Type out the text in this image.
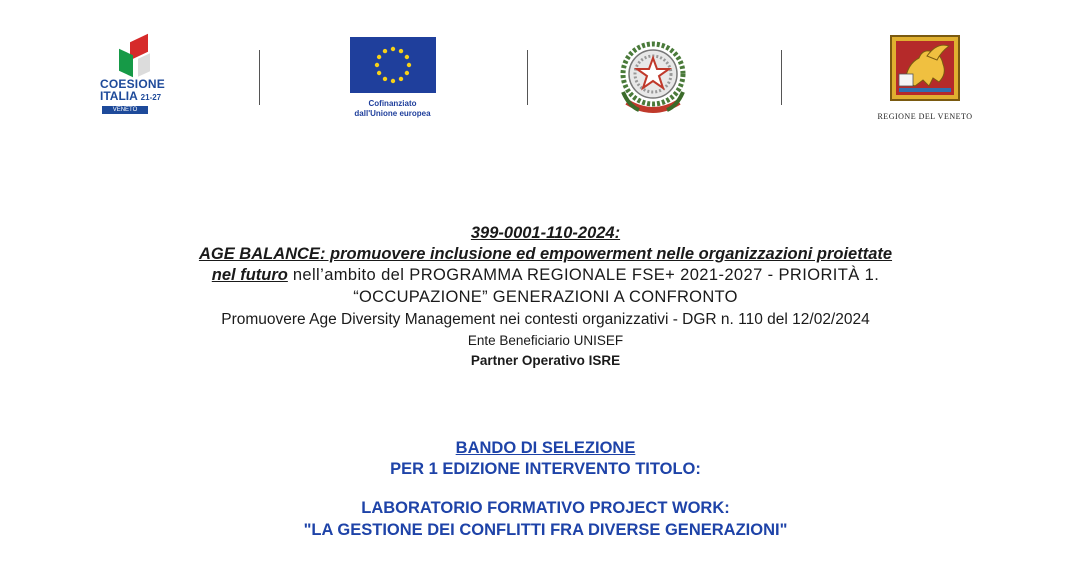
COESIONE
ITALIA 21-27
VENETO
Cofinanziato
dall'Unione europea	REGIONE DEL VENETO
399-0001-110-2024:
AGE BALANCE: promuovere inclusione ed empowerment nelle organizzazioni proiettate
nel futuro nell’ambito del PROGRAMMA REGIONALE FSE+ 2021-2027 - PRIORITÀ 1.
“OCCUPAZIONE” GENERAZIONI A CONFRONTO
Promuovere Age Diversity Management nei contesti organizzativi - DGR n. 110 del 12/02/2024
Ente Beneficiario UNISEF
Partner Operativo ISRE
BANDO DI SELEZIONE
PER 1 EDIZIONE INTERVENTO TITOLO:
LABORATORIO FORMATIVO PROJECT WORK:
"LA GESTIONE DEI CONFLITTI FRA DIVERSE GENERAZIONI"
